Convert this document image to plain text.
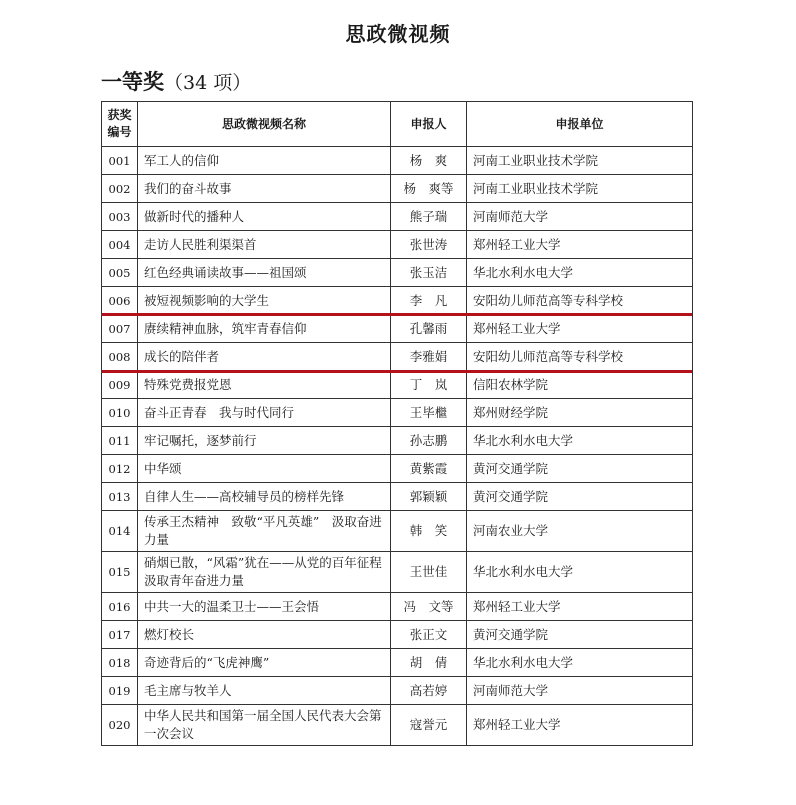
思政微视频
一等奖（34 项）
获奖
编号	思政微视频名称	申报人	申报单位
001	军工人的信仰	杨　爽	河南工业职业技术学院
002	我们的奋斗故事	杨　爽等	河南工业职业技术学院
003	做新时代的播种人	熊子瑞	河南师范大学
004	走访人民胜利渠渠首	张世涛	郑州轻工业大学
005	红色经典诵读故事——祖国颂	张玉洁	华北水利水电大学
006	被短视频影响的大学生	李　凡	安阳幼儿师范高等专科学校
007	赓续精神血脉，筑牢青春信仰	孔馨雨	郑州轻工业大学
008	成长的陪伴者	李雅娟	安阳幼儿师范高等专科学校
009	特殊党费报党恩	丁　岚	信阳农林学院
010	奋斗正青春　我与时代同行	王毕檵	郑州财经学院
011	牢记嘱托，逐梦前行	孙志鹏	华北水利水电大学
012	中华颂	黄紫霞	黄河交通学院
013	自律人生——高校辅导员的榜样先锋	郭颖颖	黄河交通学院
014	传承王杰精神　致敬“平凡英雄”　汲取奋进力量	韩　笑	河南农业大学
015	硝烟已散，“风霜”犹在——从党的百年征程汲取青年奋进力量	王世佳	华北水利水电大学
016	中共一大的温柔卫士——王会悟	冯　文等	郑州轻工业大学
017	燃灯校长	张正文	黄河交通学院
018	奇迹背后的“飞虎神鹰”	胡　倩	华北水利水电大学
019	毛主席与牧羊人	高若婷	河南师范大学
020	中华人民共和国第一届全国人民代表大会第一次会议	寇誉元	郑州轻工业大学
